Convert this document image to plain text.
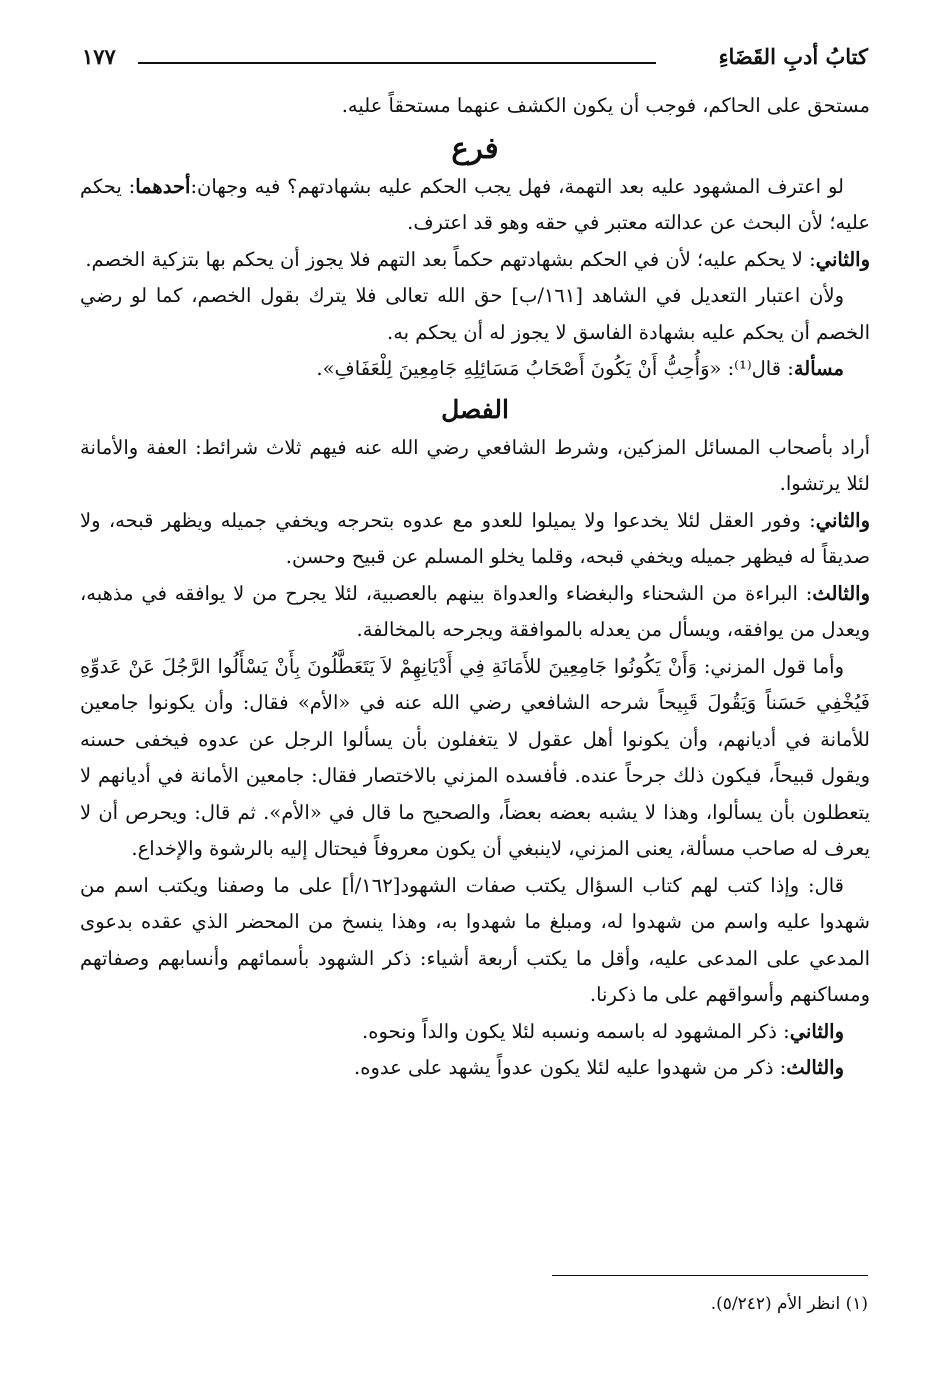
كتابُ أدبِ القَضَاءِ
١٧٧

مستحق على الحاكم، فوجب أن يكون الكشف عنهما مستحقاً عليه.

فرع

لو اعترف المشهود عليه بعد التهمة، فهل يجب الحكم عليه بشهادتهم؟ فيه وجهان:أحدهما: يحكم عليه؛ لأن البحث عن عدالته معتبر في حقه وهو قد اعترف.

والثاني: لا يحكم عليه؛ لأن في الحكم بشهادتهم حكماً بعد التهم فلا يجوز أن يحكم بها بتزكية الخصم.

ولأن اعتبار التعديل في الشاهد [١٦١/ب] حق الله تعالى فلا يترك بقول الخصم، كما لو رضي الخصم أن يحكم عليه بشهادة الفاسق لا يجوز له أن يحكم به.

مسألة: قال⁽¹⁾: «وَأُحِبُّ أَنْ يَكُونَ أَصْحَابُ مَسَائِلِهِ جَامِعِينَ لِلْعَفَافِ».

الفصل

أراد بأصحاب المسائل المزكين، وشرط الشافعي رضي الله عنه فيهم ثلاث شرائط: العفة والأمانة لئلا يرتشوا.

والثاني: وفور العقل لئلا يخدعوا ولا يميلوا للعدو مع عدوه بتحرجه ويخفي جميله ويظهر قبحه، ولا صديقاً له فيظهر جميله ويخفي قبحه، وقلما يخلو المسلم عن قبيح وحسن.

والثالث: البراءة من الشحناء والبغضاء والعدواة بينهم بالعصبية، لئلا يجرح من لا يوافقه في مذهبه، ويعدل من يوافقه، ويسأل من يعدله بالموافقة ويجرحه بالمخالفة.

وأما قول المزني: وَأَنْ يَكُونُوا جَامِعِينَ للأَمَانَةِ فِي أَدْيَانِهِمْ لاَ يَتَعَطَّلُونَ بِأَنْ يَسْأَلُوا الرَّجُلَ عَنْ عَدوِّهِ فَيُخْفِي حَسَناً وَيَقُولَ قَبِيحاً شرحه الشافعي رضي الله عنه في «الأم» فقال: وأن يكونوا جامعين للأمانة في أديانهم، وأن يكونوا أهل عقول لا يتغفلون بأن يسألوا الرجل عن عدوه فيخفى حسنه ويقول قبيحاً، فيكون ذلك جرحاً عنده. فأفسده المزني بالاختصار فقال: جامعين الأمانة في أديانهم لا يتعطلون بأن يسألوا، وهذا لا يشبه بعضه بعضاً، والصحيح ما قال في «الأم». ثم قال: ويحرص أن لا يعرف له صاحب مسألة، يعنى المزني، لاينبغي أن يكون معروفاً فيحتال إليه بالرشوة والإخداع.

قال: وإذا كتب لهم كتاب السؤال يكتب صفات الشهود[١٦٢/أ] على ما وصفنا ويكتب اسم من شهدوا عليه واسم من شهدوا له، ومبلغ ما شهدوا به، وهذا ينسخ من المحضر الذي عقده بدعوى المدعي على المدعى عليه، وأقل ما يكتب أربعة أشياء: ذكر الشهود بأسمائهم وأنسابهم وصفاتهم ومساكنهم وأسواقهم على ما ذكرنا.

والثاني: ذكر المشهود له باسمه ونسبه لئلا يكون والداً ونحوه.

والثالث: ذكر من شهدوا عليه لئلا يكون عدواً يشهد على عدوه.

(١) انظر الأم (٥/٢٤٢).
